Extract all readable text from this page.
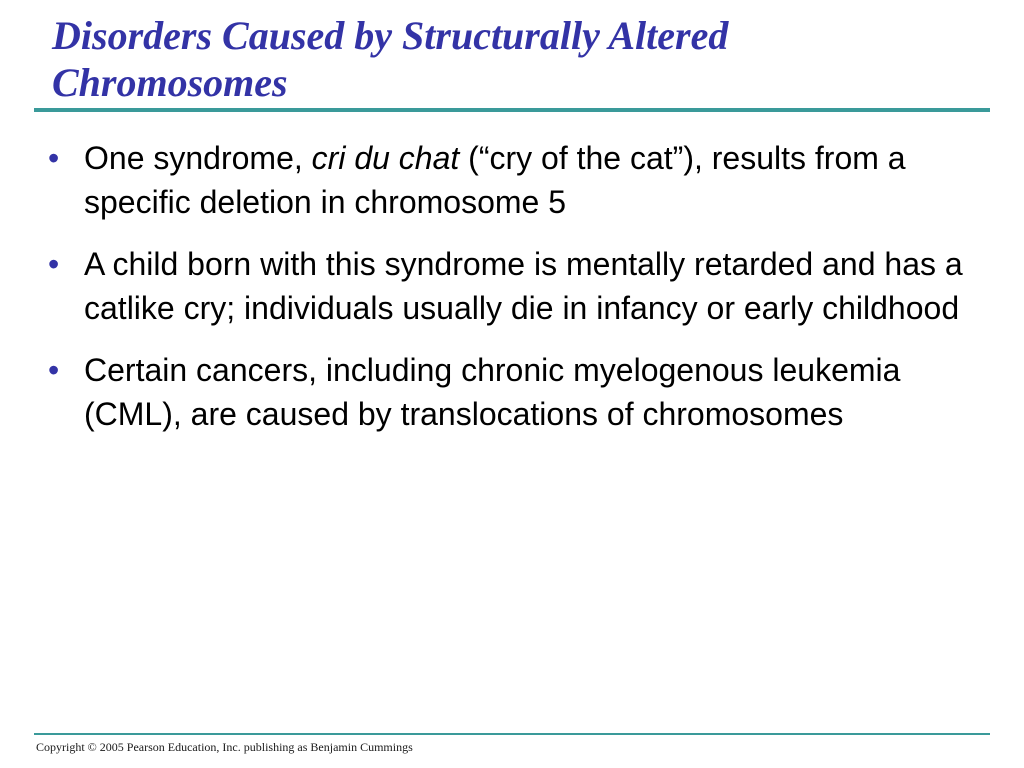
Disorders Caused by Structurally Altered
Chromosomes
• One syndrome, cri du chat (“cry of the cat”), results from a specific deletion in chromosome 5
• A child born with this syndrome is mentally retarded and has a catlike cry; individuals usually die in infancy or early childhood
• Certain cancers, including chronic myelogenous leukemia (CML), are caused by translocations of chromosomes
Copyright © 2005 Pearson Education, Inc. publishing as Benjamin Cummings
